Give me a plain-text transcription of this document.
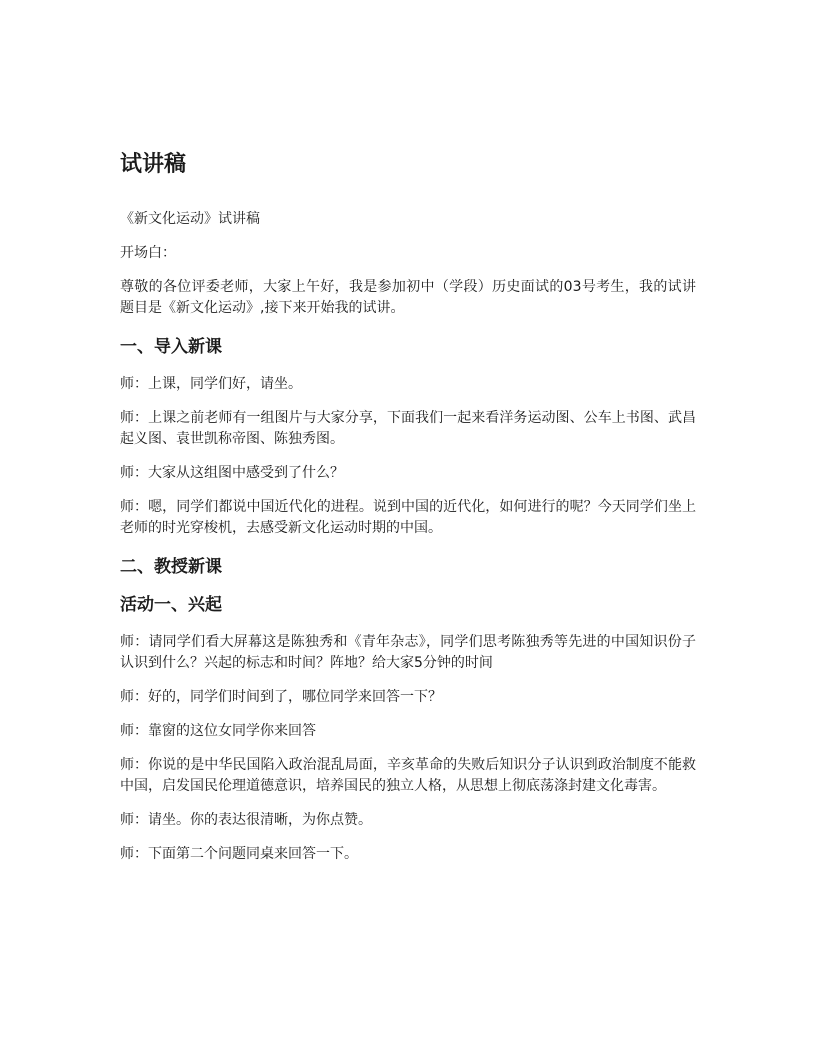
试讲稿

《新文化运动》试讲稿

开场白：

尊敬的各位评委老师，大家上午好，我是参加初中（学段）历史面试的03号考生，我的试讲题目是《新文化运动》,接下来开始我的试讲。

一、导入新课

师：上课，同学们好，请坐。

师：上课之前老师有一组图片与大家分享，下面我们一起来看洋务运动图、公车上书图、武昌起义图、袁世凯称帝图、陈独秀图。

师：大家从这组图中感受到了什么？

师：嗯，同学们都说中国近代化的进程。说到中国的近代化，如何进行的呢？今天同学们坐上老师的时光穿梭机，去感受新文化运动时期的中国。

二、教授新课
活动一、兴起

师：请同学们看大屏幕这是陈独秀和《青年杂志》，同学们思考陈独秀等先进的中国知识份子认识到什么？兴起的标志和时间？阵地？给大家5分钟的时间

师：好的，同学们时间到了，哪位同学来回答一下？

师：靠窗的这位女同学你来回答

师：你说的是中华民国陷入政治混乱局面，辛亥革命的失败后知识分子认识到政治制度不能救中国，启发国民伦理道德意识，培养国民的独立人格，从思想上彻底荡涤封建文化毒害。

师：请坐。你的表达很清晰，为你点赞。

师：下面第二个问题同桌来回答一下。
